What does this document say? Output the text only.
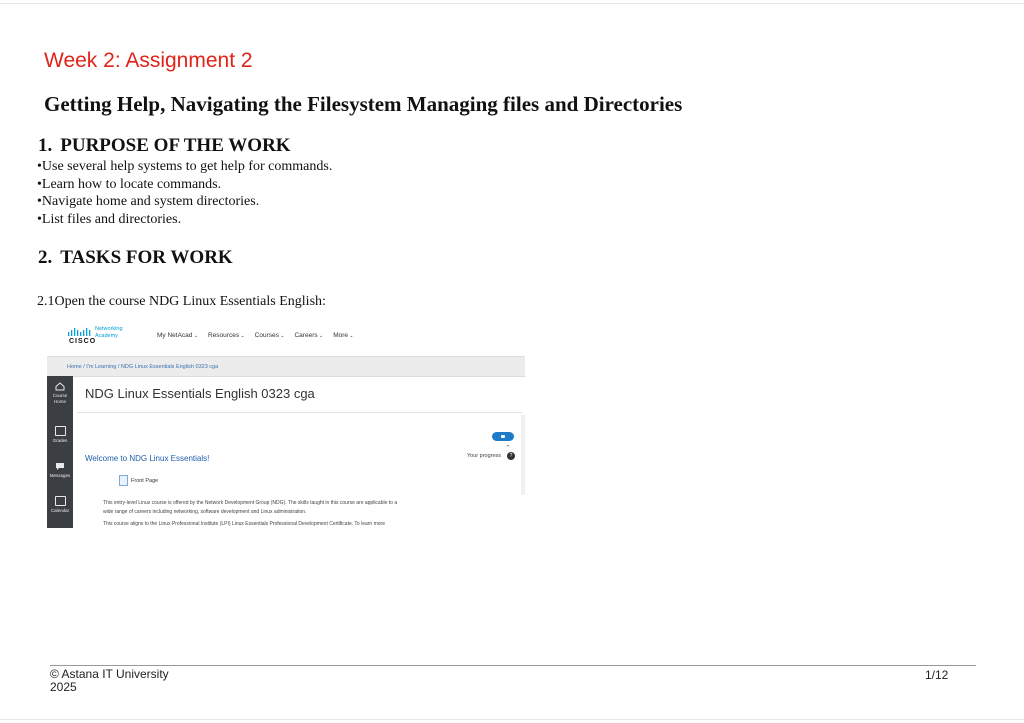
Week 2: Assignment 2
Getting Help, Navigating the Filesystem Managing files and Directories
1. PURPOSE OF THE WORK
•Use several help systems to get help for commands.
•Learn how to locate commands.
•Navigate home and system directories.
•List files and directories.
2. TASKS FOR WORK
2.1Open the course NDG Linux Essentials English:
CISCO
Networking
Academy	My NetAcad ⌄	Resources ⌄	Courses ⌄	Careers ⌄	More ⌄
Home / I'm Learning / NDG Linux Essentials English 0323 cga
Course
Home
Grades
Messages
Calendar
NDG Linux Essentials English 0323 cga
⌃
Welcome to NDG Linux Essentials!	Your progress	?
Front Page
This entry-level Linux course is offered by the Network Development Group (NDG). The skills taught in this course are applicable to a
wide range of careers including networking, software development and Linux administration.
This course aligns to the Linux Professional Institute (LPI) Linux Essentials Professional Development Certificate. To learn more
© Astana IT University
2025
1/12
